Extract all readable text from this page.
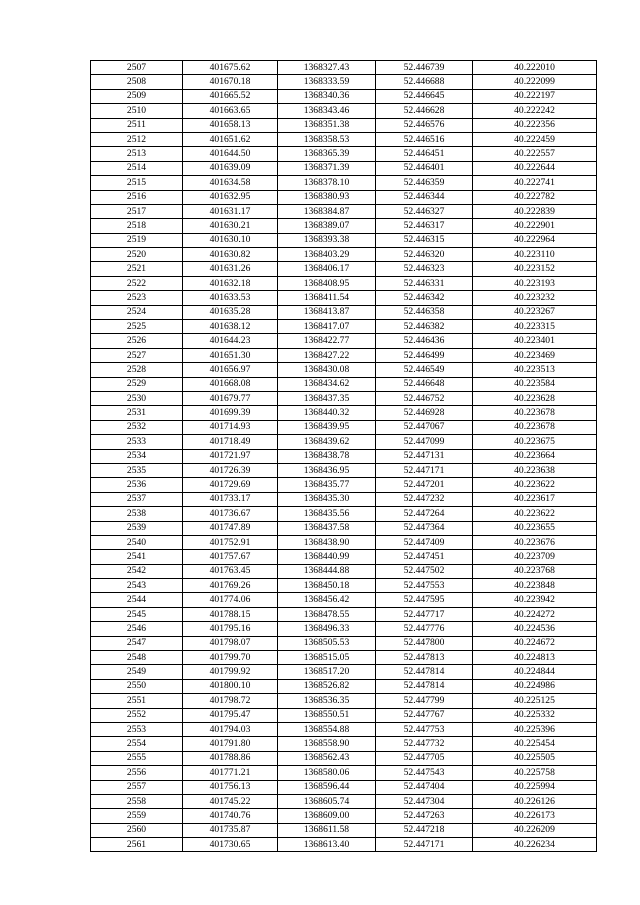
2507	401675.62	1368327.43	52.446739	40.222010
2508	401670.18	1368333.59	52.446688	40.222099
2509	401665.52	1368340.36	52.446645	40.222197
2510	401663.65	1368343.46	52.446628	40.222242
2511	401658.13	1368351.38	52.446576	40.222356
2512	401651.62	1368358.53	52.446516	40.222459
2513	401644.50	1368365.39	52.446451	40.222557
2514	401639.09	1368371.39	52.446401	40.222644
2515	401634.58	1368378.10	52.446359	40.222741
2516	401632.95	1368380.93	52.446344	40.222782
2517	401631.17	1368384.87	52.446327	40.222839
2518	401630.21	1368389.07	52.446317	40.222901
2519	401630.10	1368393.38	52.446315	40.222964
2520	401630.82	1368403.29	52.446320	40.223110
2521	401631.26	1368406.17	52.446323	40.223152
2522	401632.18	1368408.95	52.446331	40.223193
2523	401633.53	1368411.54	52.446342	40.223232
2524	401635.28	1368413.87	52.446358	40.223267
2525	401638.12	1368417.07	52.446382	40.223315
2526	401644.23	1368422.77	52.446436	40.223401
2527	401651.30	1368427.22	52.446499	40.223469
2528	401656.97	1368430.08	52.446549	40.223513
2529	401668.08	1368434.62	52.446648	40.223584
2530	401679.77	1368437.35	52.446752	40.223628
2531	401699.39	1368440.32	52.446928	40.223678
2532	401714.93	1368439.95	52.447067	40.223678
2533	401718.49	1368439.62	52.447099	40.223675
2534	401721.97	1368438.78	52.447131	40.223664
2535	401726.39	1368436.95	52.447171	40.223638
2536	401729.69	1368435.77	52.447201	40.223622
2537	401733.17	1368435.30	52.447232	40.223617
2538	401736.67	1368435.56	52.447264	40.223622
2539	401747.89	1368437.58	52.447364	40.223655
2540	401752.91	1368438.90	52.447409	40.223676
2541	401757.67	1368440.99	52.447451	40.223709
2542	401763.45	1368444.88	52.447502	40.223768
2543	401769.26	1368450.18	52.447553	40.223848
2544	401774.06	1368456.42	52.447595	40.223942
2545	401788.15	1368478.55	52.447717	40.224272
2546	401795.16	1368496.33	52.447776	40.224536
2547	401798.07	1368505.53	52.447800	40.224672
2548	401799.70	1368515.05	52.447813	40.224813
2549	401799.92	1368517.20	52.447814	40.224844
2550	401800.10	1368526.82	52.447814	40.224986
2551	401798.72	1368536.35	52.447799	40.225125
2552	401795.47	1368550.51	52.447767	40.225332
2553	401794.03	1368554.88	52.447753	40.225396
2554	401791.80	1368558.90	52.447732	40.225454
2555	401788.86	1368562.43	52.447705	40.225505
2556	401771.21	1368580.06	52.447543	40.225758
2557	401756.13	1368596.44	52.447404	40.225994
2558	401745.22	1368605.74	52.447304	40.226126
2559	401740.76	1368609.00	52.447263	40.226173
2560	401735.87	1368611.58	52.447218	40.226209
2561	401730.65	1368613.40	52.447171	40.226234
